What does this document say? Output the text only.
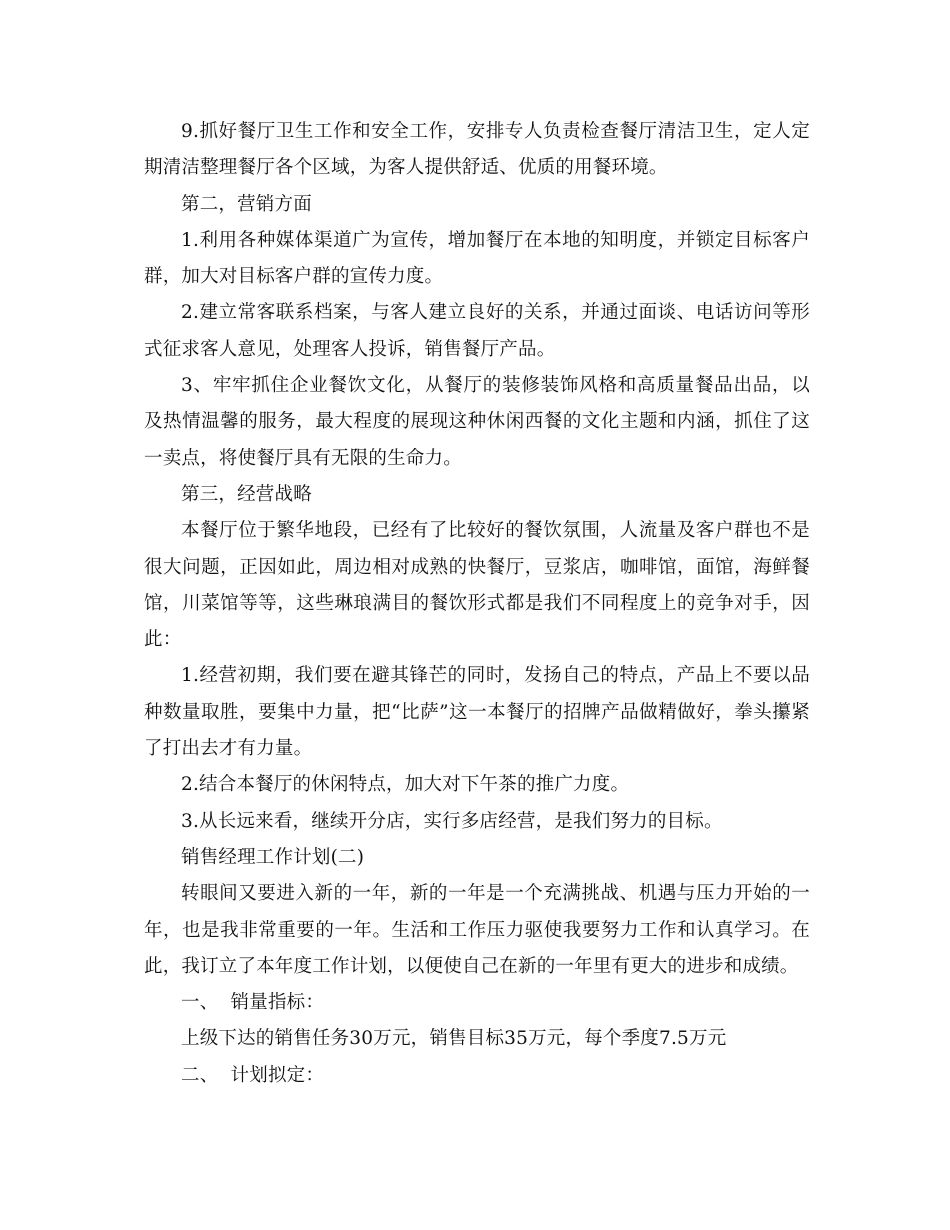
9.抓好餐厅卫生工作和安全工作，安排专人负责检查餐厅清洁卫生，定人定期清洁整理餐厅各个区域，为客人提供舒适、优质的用餐环境。

第二，营销方面

1.利用各种媒体渠道广为宣传，增加餐厅在本地的知明度，并锁定目标客户群，加大对目标客户群的宣传力度。

2.建立常客联系档案，与客人建立良好的关系，并通过面谈、电话访问等形式征求客人意见，处理客人投诉，销售餐厅产品。

3、牢牢抓住企业餐饮文化，从餐厅的装修装饰风格和高质量餐品出品，以及热情温馨的服务，最大程度的展现这种休闲西餐的文化主题和内涵，抓住了这一卖点，将使餐厅具有无限的生命力。

第三，经营战略

本餐厅位于繁华地段，已经有了比较好的餐饮氛围，人流量及客户群也不是很大问题，正因如此，周边相对成熟的快餐厅，豆浆店，咖啡馆，面馆，海鲜餐馆，川菜馆等等，这些琳琅满目的餐饮形式都是我们不同程度上的竞争对手，因此：

1.经营初期，我们要在避其锋芒的同时，发扬自己的特点，产品上不要以品种数量取胜，要集中力量，把“比萨”这一本餐厅的招牌产品做精做好，拳头攥紧了打出去才有力量。

2.结合本餐厅的休闲特点，加大对下午茶的推广力度。

3.从长远来看，继续开分店，实行多店经营，是我们努力的目标。

销售经理工作计划(二)

转眼间又要进入新的一年，新的一年是一个充满挑战、机遇与压力开始的一年，也是我非常重要的一年。生活和工作压力驱使我要努力工作和认真学习。在此，我订立了本年度工作计划，以便使自己在新的一年里有更大的进步和成绩。

一、  销量指标：

上级下达的销售任务30万元，销售目标35万元，每个季度7.5万元

二、  计划拟定：
